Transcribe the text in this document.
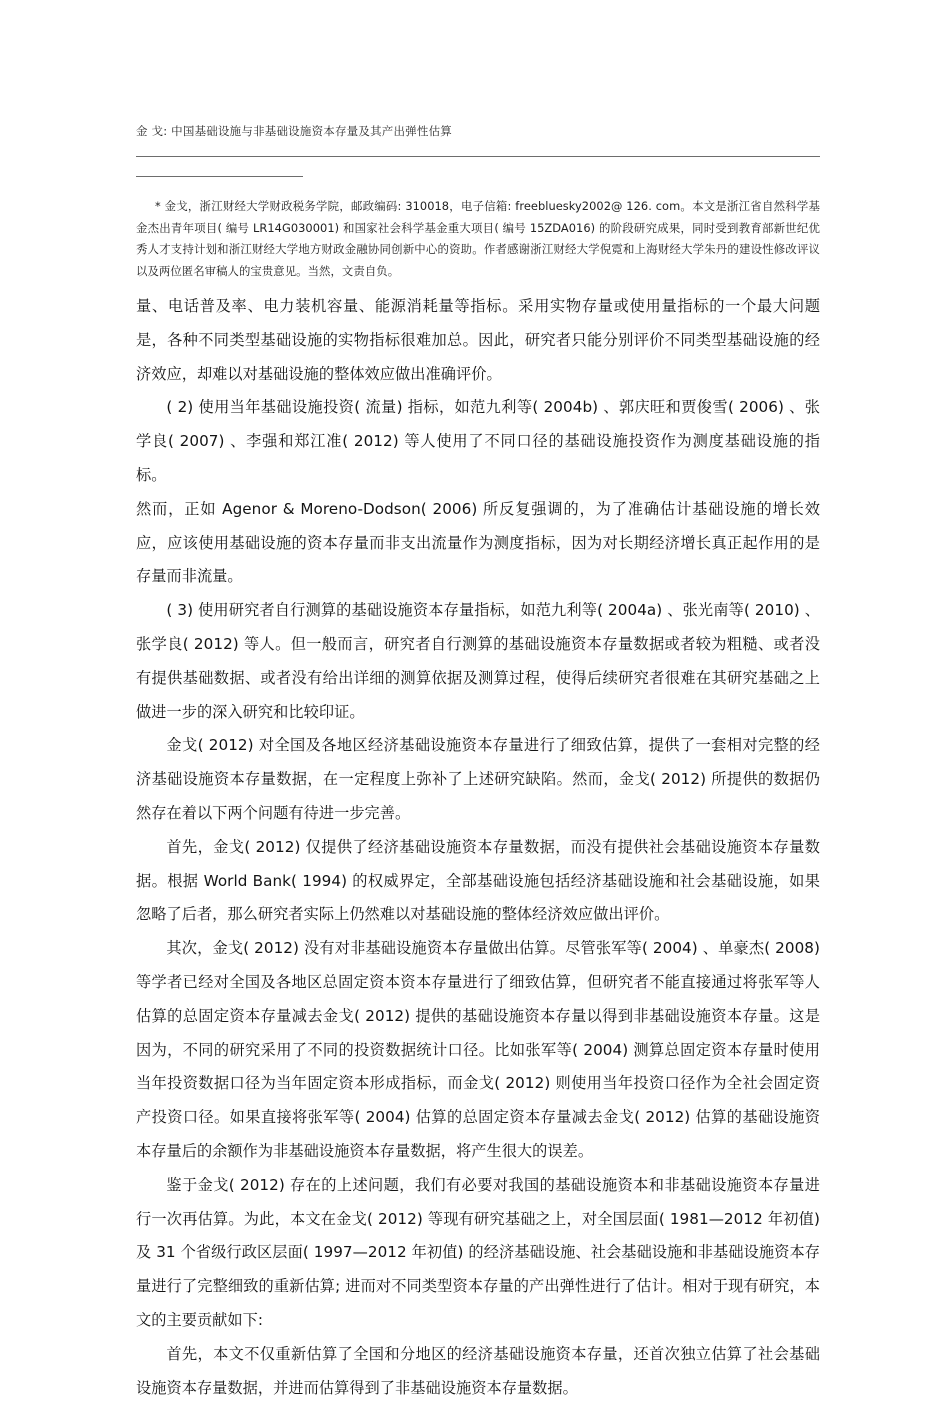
金 戈: 中国基础设施与非基础设施资本存量及其产出弹性估算
* 金戈，浙江财经大学财政税务学院，邮政编码: 310018，电子信箱: freebluesky2002@ 126. com。本文是浙江省自然科学基金杰出青年项目( 编号 LR14G030001) 和国家社会科学基金重大项目( 编号 15ZDA016) 的阶段研究成果，同时受到教育部新世纪优秀人才支持计划和浙江财经大学地方财政金融协同创新中心的资助。作者感谢浙江财经大学倪霓和上海财经大学朱丹的建设性修改评议以及两位匿名审稿人的宝贵意见。当然，文责自负。

量、电话普及率、电力装机容量、能源消耗量等指标。采用实物存量或使用量指标的一个最大问题是，各种不同类型基础设施的实物指标很难加总。因此，研究者只能分别评价不同类型基础设施的经济效应，却难以对基础设施的整体效应做出准确评价。

( 2) 使用当年基础设施投资( 流量) 指标，如范九利等( 2004b) 、郭庆旺和贾俊雪( 2006) 、张学良( 2007) 、李强和郑江准( 2012) 等人使用了不同口径的基础设施投资作为测度基础设施的指标。

然而，正如 Agenor & Moreno-Dodson( 2006) 所反复强调的，为了准确估计基础设施的增长效应，应该使用基础设施的资本存量而非支出流量作为测度指标，因为对长期经济增长真正起作用的是存量而非流量。

( 3) 使用研究者自行测算的基础设施资本存量指标，如范九利等( 2004a) 、张光南等( 2010) 、张学良( 2012) 等人。但一般而言，研究者自行测算的基础设施资本存量数据或者较为粗糙、或者没有提供基础数据、或者没有给出详细的测算依据及测算过程，使得后续研究者很难在其研究基础之上做进一步的深入研究和比较印证。

金戈( 2012) 对全国及各地区经济基础设施资本存量进行了细致估算，提供了一套相对完整的经济基础设施资本存量数据，在一定程度上弥补了上述研究缺陷。然而，金戈( 2012) 所提供的数据仍然存在着以下两个问题有待进一步完善。

首先，金戈( 2012) 仅提供了经济基础设施资本存量数据，而没有提供社会基础设施资本存量数据。根据 World Bank( 1994) 的权威界定，全部基础设施包括经济基础设施和社会基础设施，如果忽略了后者，那么研究者实际上仍然难以对基础设施的整体经济效应做出评价。

其次，金戈( 2012) 没有对非基础设施资本存量做出估算。尽管张军等( 2004) 、单豪杰( 2008) 等学者已经对全国及各地区总固定资本资本存量进行了细致估算，但研究者不能直接通过将张军等人估算的总固定资本存量减去金戈( 2012) 提供的基础设施资本存量以得到非基础设施资本存量。这是因为，不同的研究采用了不同的投资数据统计口径。比如张军等( 2004) 测算总固定资本存量时使用当年投资数据口径为当年固定资本形成指标，而金戈( 2012) 则使用当年投资口径作为全社会固定资产投资口径。如果直接将张军等( 2004) 估算的总固定资本存量减去金戈( 2012) 估算的基础设施资本存量后的余额作为非基础设施资本存量数据，将产生很大的误差。

鉴于金戈( 2012) 存在的上述问题，我们有必要对我国的基础设施资本和非基础设施资本存量进行一次再估算。为此，本文在金戈( 2012) 等现有研究基础之上，对全国层面( 1981—2012 年初值) 及 31 个省级行政区层面( 1997—2012 年初值) 的经济基础设施、社会基础设施和非基础设施资本存量进行了完整细致的重新估算; 进而对不同类型资本存量的产出弹性进行了估计。相对于现有研究，本文的主要贡献如下:

首先，本文不仅重新估算了全国和分地区的经济基础设施资本存量，还首次独立估算了社会基础设施资本存量数据，并进而估算得到了非基础设施资本存量数据。
